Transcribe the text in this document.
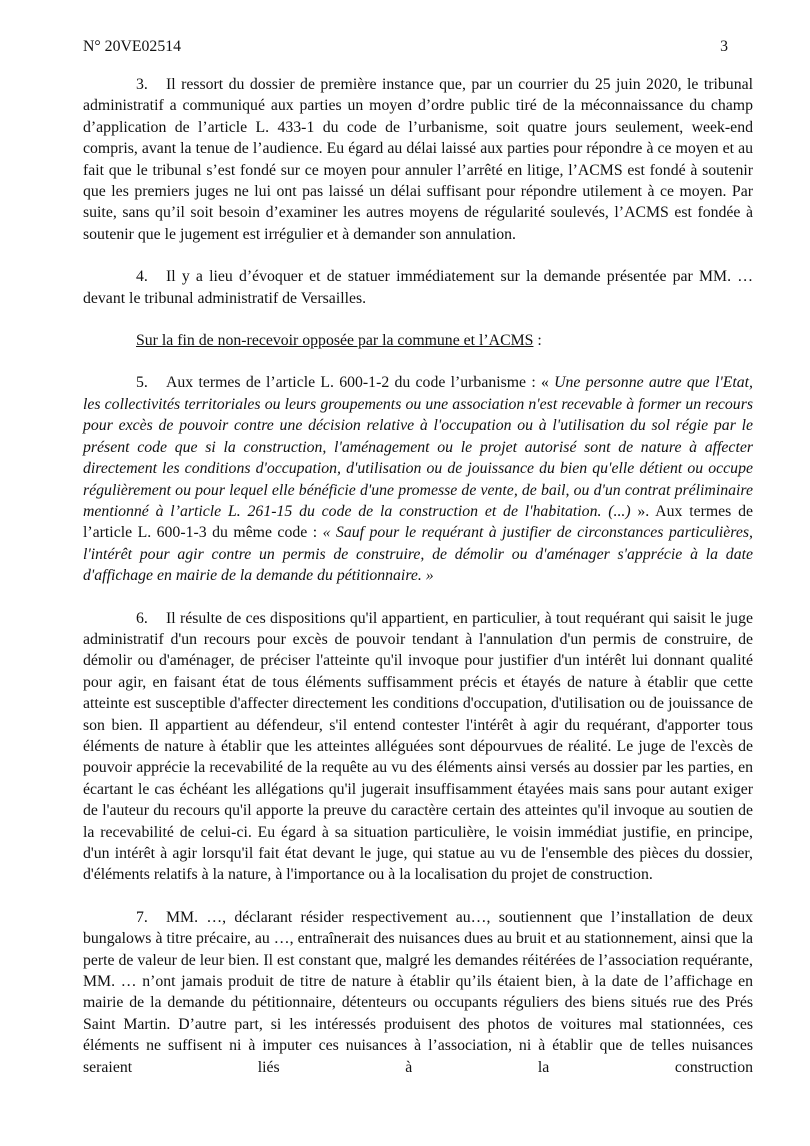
N° 20VE02514	3

3. Il ressort du dossier de première instance que, par un courrier du 25 juin 2020, le tribunal administratif a communiqué aux parties un moyen d’ordre public tiré de la méconnaissance du champ d’application de l’article L. 433-1 du code de l’urbanisme, soit quatre jours seulement, week-end compris, avant la tenue de l’audience. Eu égard au délai laissé aux parties pour répondre à ce moyen et au fait que le tribunal s’est fondé sur ce moyen pour annuler l’arrêté en litige, l’ACMS est fondé à soutenir que les premiers juges ne lui ont pas laissé un délai suffisant pour répondre utilement à ce moyen. Par suite, sans qu’il soit besoin d’examiner les autres moyens de régularité soulevés, l’ACMS est fondée à soutenir que le jugement est irrégulier et à demander son annulation.

4. Il y a lieu d’évoquer et de statuer immédiatement sur la demande présentée par MM. … devant le tribunal administratif de Versailles.

Sur la fin de non-recevoir opposée par la commune et l’ACMS :

5. Aux termes de l’article L. 600-1-2 du code l’urbanisme : « Une personne autre que l'Etat, les collectivités territoriales ou leurs groupements ou une association n'est recevable à former un recours pour excès de pouvoir contre une décision relative à l'occupation ou à l'utilisation du sol régie par le présent code que si la construction, l'aménagement ou le projet autorisé sont de nature à affecter directement les conditions d'occupation, d'utilisation ou de jouissance du bien qu'elle détient ou occupe régulièrement ou pour lequel elle bénéficie d'une promesse de vente, de bail, ou d'un contrat préliminaire mentionné à l’article L. 261-15 du code de la construction et de l'habitation. (...) ». Aux termes de l’article L. 600-1-3 du même code : « Sauf pour le requérant à justifier de circonstances particulières, l'intérêt pour agir contre un permis de construire, de démolir ou d'aménager s'apprécie à la date d'affichage en mairie de la demande du pétitionnaire. »

6. Il résulte de ces dispositions qu'il appartient, en particulier, à tout requérant qui saisit le juge administratif d'un recours pour excès de pouvoir tendant à l'annulation d'un permis de construire, de démolir ou d'aménager, de préciser l'atteinte qu'il invoque pour justifier d'un intérêt lui donnant qualité pour agir, en faisant état de tous éléments suffisamment précis et étayés de nature à établir que cette atteinte est susceptible d'affecter directement les conditions d'occupation, d'utilisation ou de jouissance de son bien. Il appartient au défendeur, s'il entend contester l'intérêt à agir du requérant, d'apporter tous éléments de nature à établir que les atteintes alléguées sont dépourvues de réalité. Le juge de l'excès de pouvoir apprécie la recevabilité de la requête au vu des éléments ainsi versés au dossier par les parties, en écartant le cas échéant les allégations qu'il jugerait insuffisamment étayées mais sans pour autant exiger de l'auteur du recours qu'il apporte la preuve du caractère certain des atteintes qu'il invoque au soutien de la recevabilité de celui-ci. Eu égard à sa situation particulière, le voisin immédiat justifie, en principe, d'un intérêt à agir lorsqu'il fait état devant le juge, qui statue au vu de l'ensemble des pièces du dossier, d'éléments relatifs à la nature, à l'importance ou à la localisation du projet de construction.

7. MM. …, déclarant résider respectivement au…, soutiennent que l’installation de deux bungalows à titre précaire, au …, entraînerait des nuisances dues au bruit et au stationnement, ainsi que la perte de valeur de leur bien. Il est constant que, malgré les demandes réitérées de l’association requérante, MM. … n’ont jamais produit de titre de nature à établir qu’ils étaient bien, à la date de l’affichage en mairie de la demande du pétitionnaire, détenteurs ou occupants réguliers des biens situés rue des Prés Saint Martin. D’autre part, si les intéressés produisent des photos de voitures mal stationnées, ces éléments ne suffisent ni à imputer ces nuisances à l’association, ni à établir que de telles nuisances seraient liés à la construction
